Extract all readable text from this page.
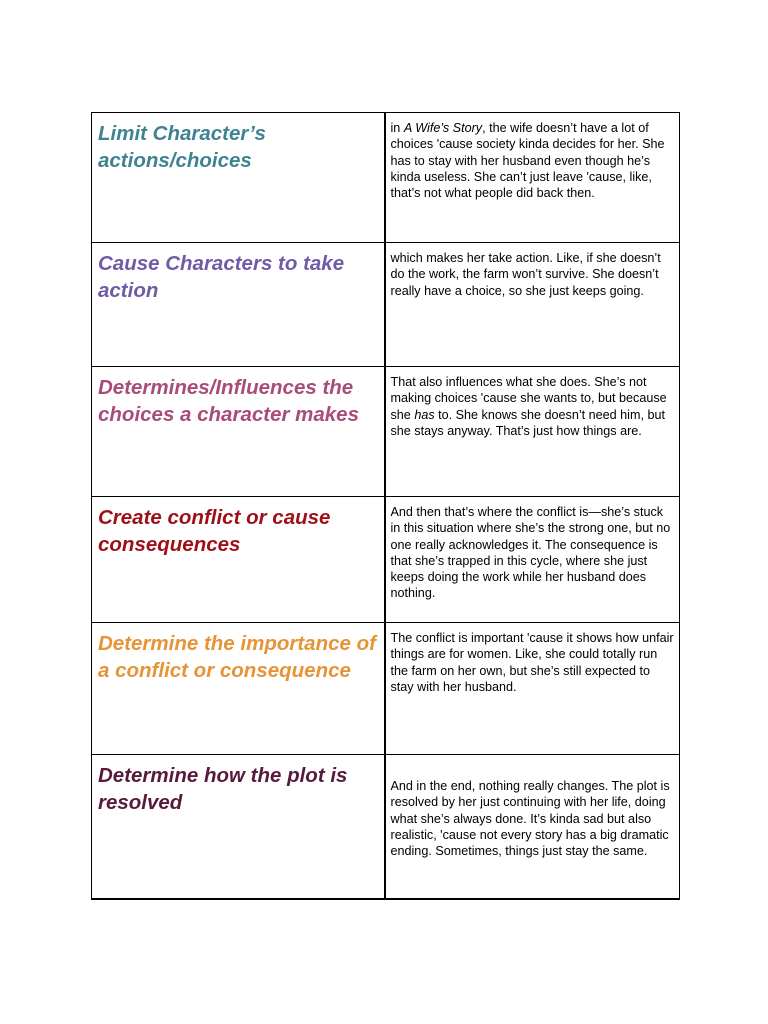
Limit Character’s actions/choices	in A Wife’s Story, the wife doesn’t have a lot of choices 'cause society kinda decides for her. She has to stay with her husband even though he’s kinda useless. She can’t just leave 'cause, like, that’s not what people did back then.

Cause Characters to take action	which makes her take action. Like, if she doesn’t do the work, the farm won’t survive. She doesn’t really have a choice, so she just keeps going.

Determines/Influences the choices a character makes	That also influences what she does. She’s not making choices 'cause she wants to, but because she has to. She knows she doesn’t need him, but she stays anyway. That’s just how things are.

Create conflict or cause consequences	And then that’s where the conflict is—she’s stuck in this situation where she’s the strong one, but no one really acknowledges it. The consequence is that she’s trapped in this cycle, where she just keeps doing the work while her husband does nothing.

Determine the importance of a conflict or consequence	The conflict is important 'cause it shows how unfair things are for women. Like, she could totally run the farm on her own, but she’s still expected to stay with her husband.

Determine how the plot is resolved	And in the end, nothing really changes. The plot is resolved by her just continuing with her life, doing what she’s always done. It’s kinda sad but also realistic, 'cause not every story has a big dramatic ending. Sometimes, things just stay the same.
